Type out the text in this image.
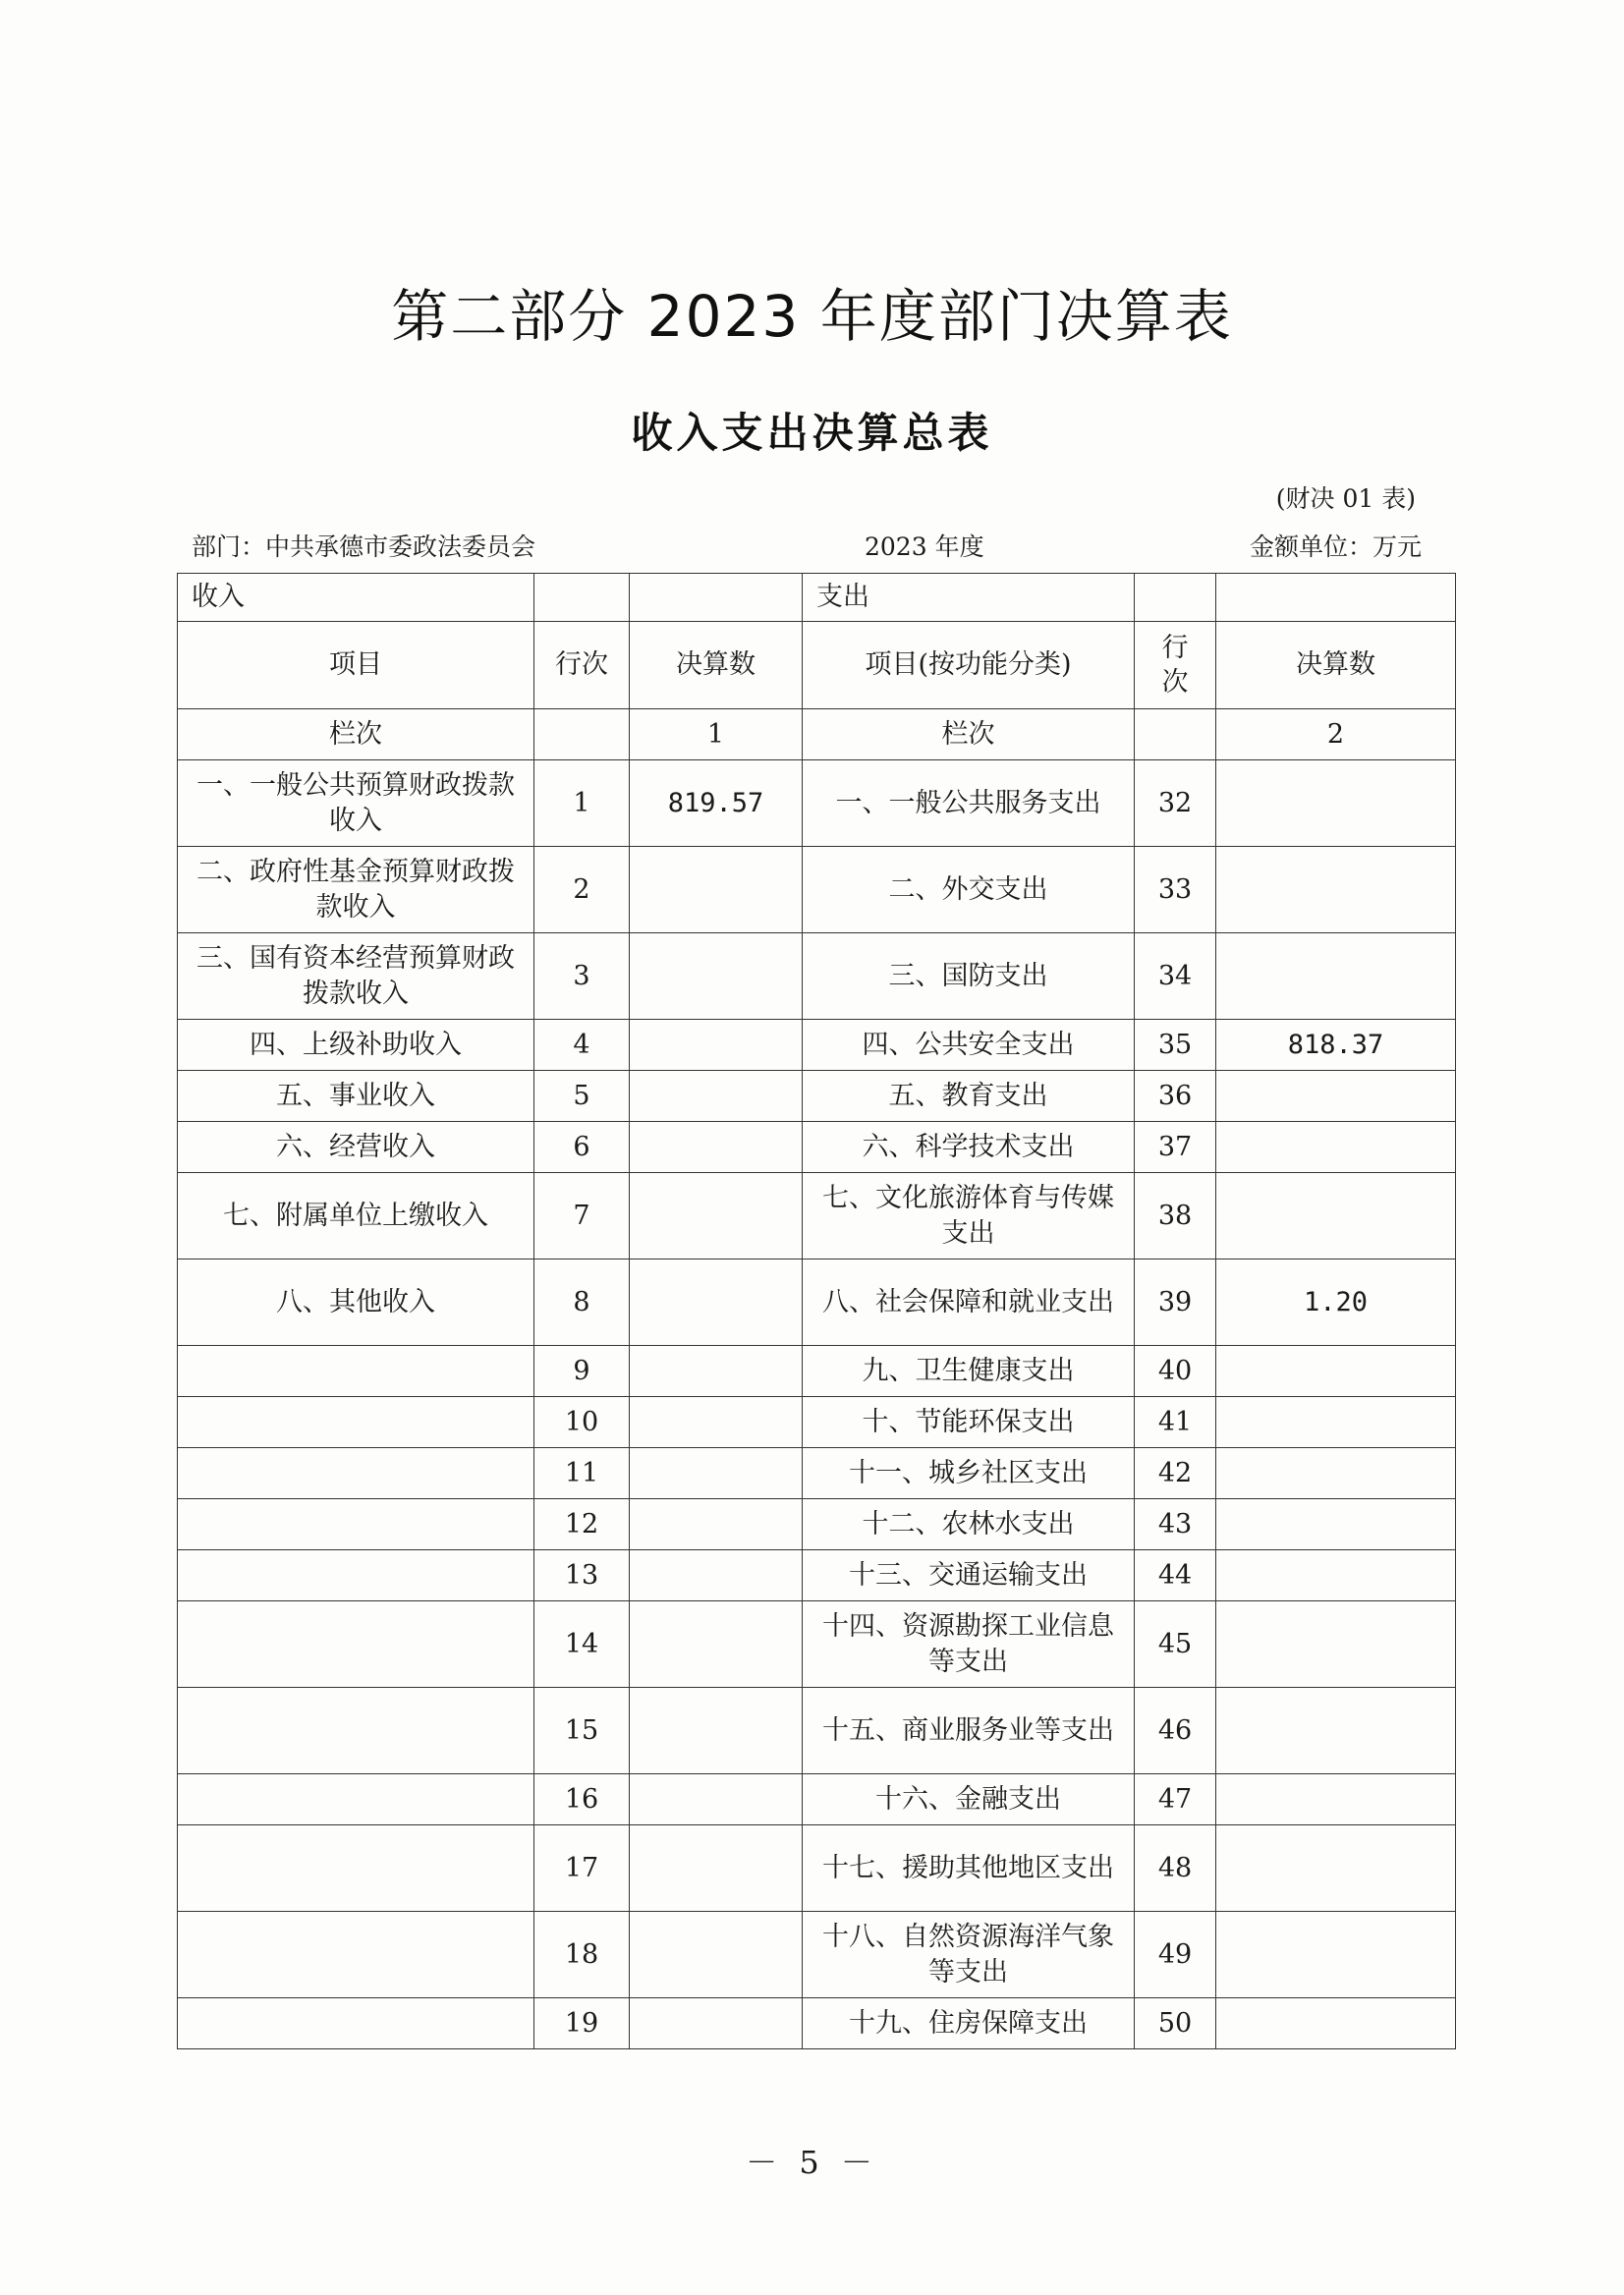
第二部分 2023 年度部门决算表
收入支出决算总表
(财决 01 表)
部门：中共承德市委政法委员会	2023 年度	金额单位：万元
收入			支出		
项目	行次	决算数	项目(按功能分类)	行次	决算数
栏次		1	栏次		2
一、一般公共预算财政拨款收入	1	819.57	一、一般公共服务支出	32	
二、政府性基金预算财政拨款收入	2		二、外交支出	33	
三、国有资本经营预算财政拨款收入	3		三、国防支出	34	
四、上级补助收入	4		四、公共安全支出	35	818.37
五、事业收入	5		五、教育支出	36	
六、经营收入	6		六、科学技术支出	37	
七、附属单位上缴收入	7		七、文化旅游体育与传媒支出	38	
八、其他收入	8		八、社会保障和就业支出	39	1.20
	9		九、卫生健康支出	40	
	10		十、节能环保支出	41	
	11		十一、城乡社区支出	42	
	12		十二、农林水支出	43	
	13		十三、交通运输支出	44	
	14		十四、资源勘探工业信息等支出	45	
	15		十五、商业服务业等支出	46	
	16		十六、金融支出	47	
	17		十七、援助其他地区支出	48	
	18		十八、自然资源海洋气象等支出	49	
	19		十九、住房保障支出	50	
－ 5 －
